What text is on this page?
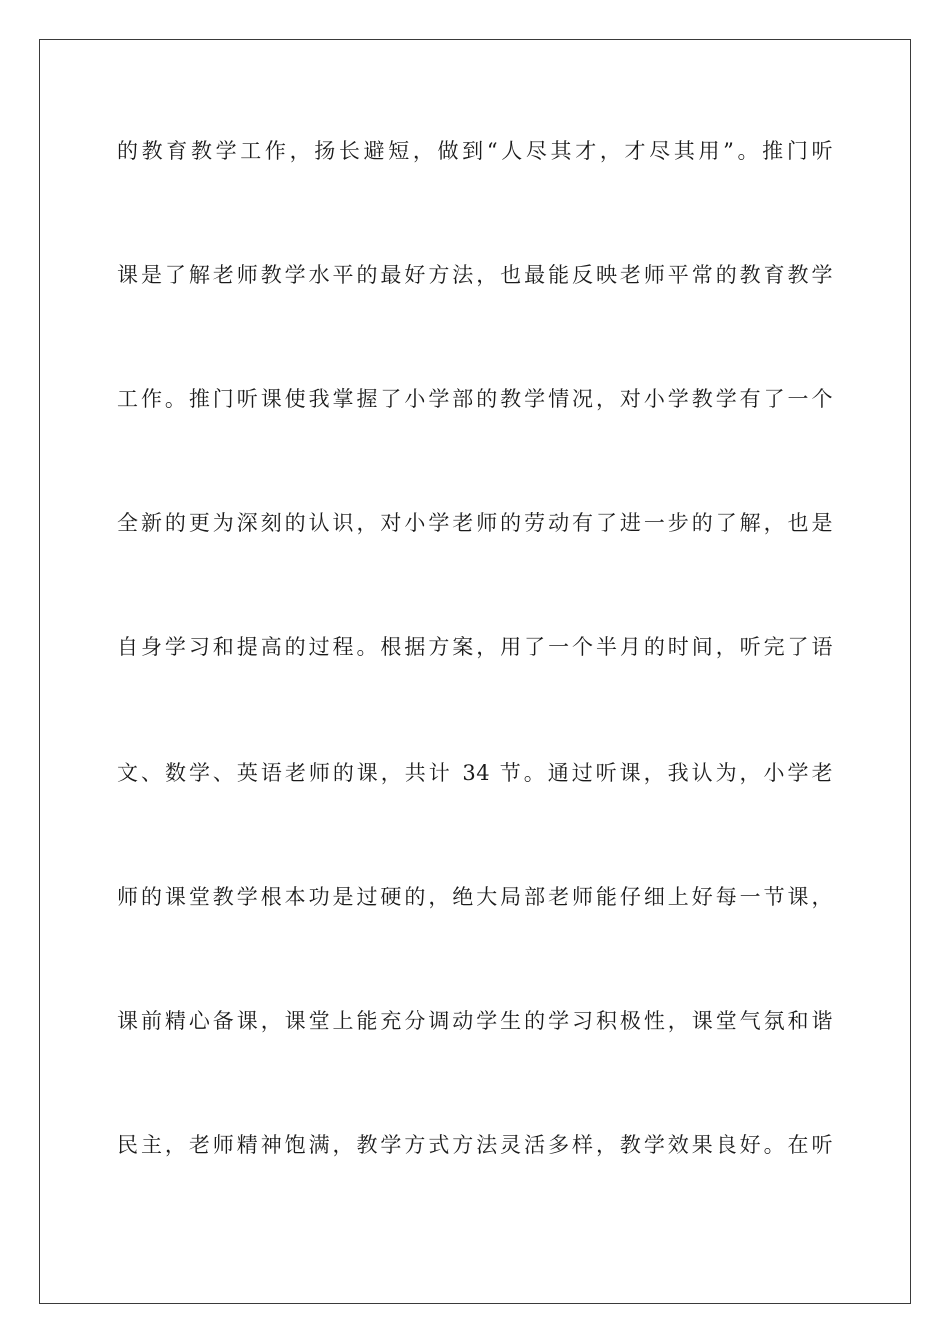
的教育教学工作，扬长避短，做到“人尽其才，才尽其用”。推门听
课是了解老师教学水平的最好方法，也最能反映老师平常的教育教学
工作。推门听课使我掌握了小学部的教学情况，对小学教学有了一个
全新的更为深刻的认识，对小学老师的劳动有了进一步的了解，也是
自身学习和提高的过程。根据方案，用了一个半月的时间，听完了语
文、数学、英语老师的课，共计 34 节。通过听课，我认为，小学老
师的课堂教学根本功是过硬的，绝大局部老师能仔细上好每一节课，
课前精心备课，课堂上能充分调动学生的学习积极性，课堂气氛和谐
民主，老师精神饱满，教学方式方法灵活多样，教学效果良好。在听
